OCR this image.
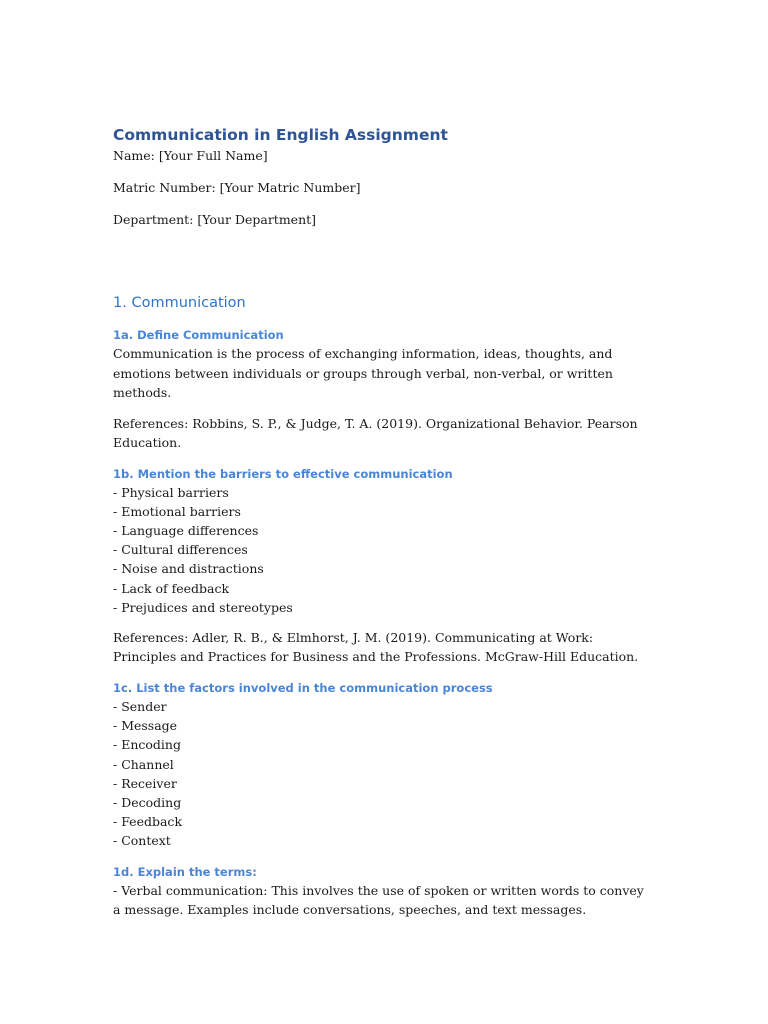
Communication in English Assignment

Name: [Your Full Name]

Matric Number: [Your Matric Number]

Department: [Your Department]

1. Communication
1a. Define Communication

Communication is the process of exchanging information, ideas, thoughts, and emotions between individuals or groups through verbal, non-verbal, or written methods.

References: Robbins, S. P., & Judge, T. A. (2019). Organizational Behavior. Pearson Education.

1b. Mention the barriers to effective communication
- Physical barriers
- Emotional barriers
- Language differences
- Cultural differences
- Noise and distractions
- Lack of feedback
- Prejudices and stereotypes

References: Adler, R. B., & Elmhorst, J. M. (2019). Communicating at Work: Principles and Practices for Business and the Professions. McGraw-Hill Education.

1c. List the factors involved in the communication process
- Sender
- Message
- Encoding
- Channel
- Receiver
- Decoding
- Feedback
- Context
1d. Explain the terms:

- Verbal communication: This involves the use of spoken or written words to convey a message. Examples include conversations, speeches, and text messages.
